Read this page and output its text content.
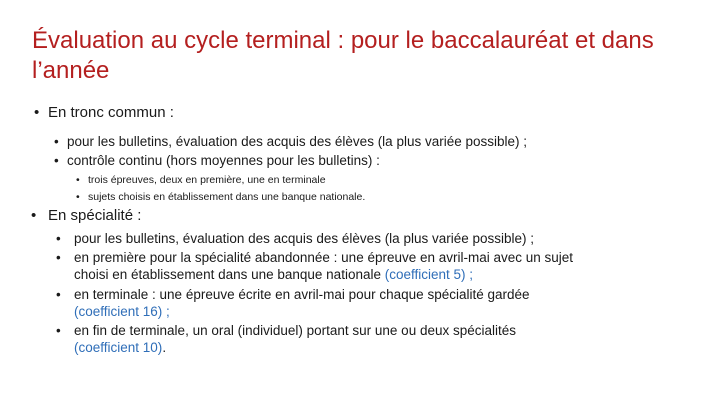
Évaluation au cycle terminal : pour le baccalauréat et dans l’année
• En tronc commun :
• pour les bulletins, évaluation des acquis des élèves (la plus variée possible) ;
• contrôle continu (hors moyennes pour les bulletins) :
• trois épreuves, deux en première, une en terminale
• sujets choisis en établissement dans une banque nationale.
• En spécialité :
• pour les bulletins, évaluation des acquis des élèves (la plus variée possible) ;
• en première pour la spécialité abandonnée : une épreuve en avril-mai avec un sujet
choisi en établissement dans une banque nationale (coefficient 5) ;
• en terminale : une épreuve écrite en avril-mai pour chaque spécialité gardée
(coefficient 16) ;
• en fin de terminale, un oral (individuel) portant sur une ou deux spécialités
(coefficient 10).
